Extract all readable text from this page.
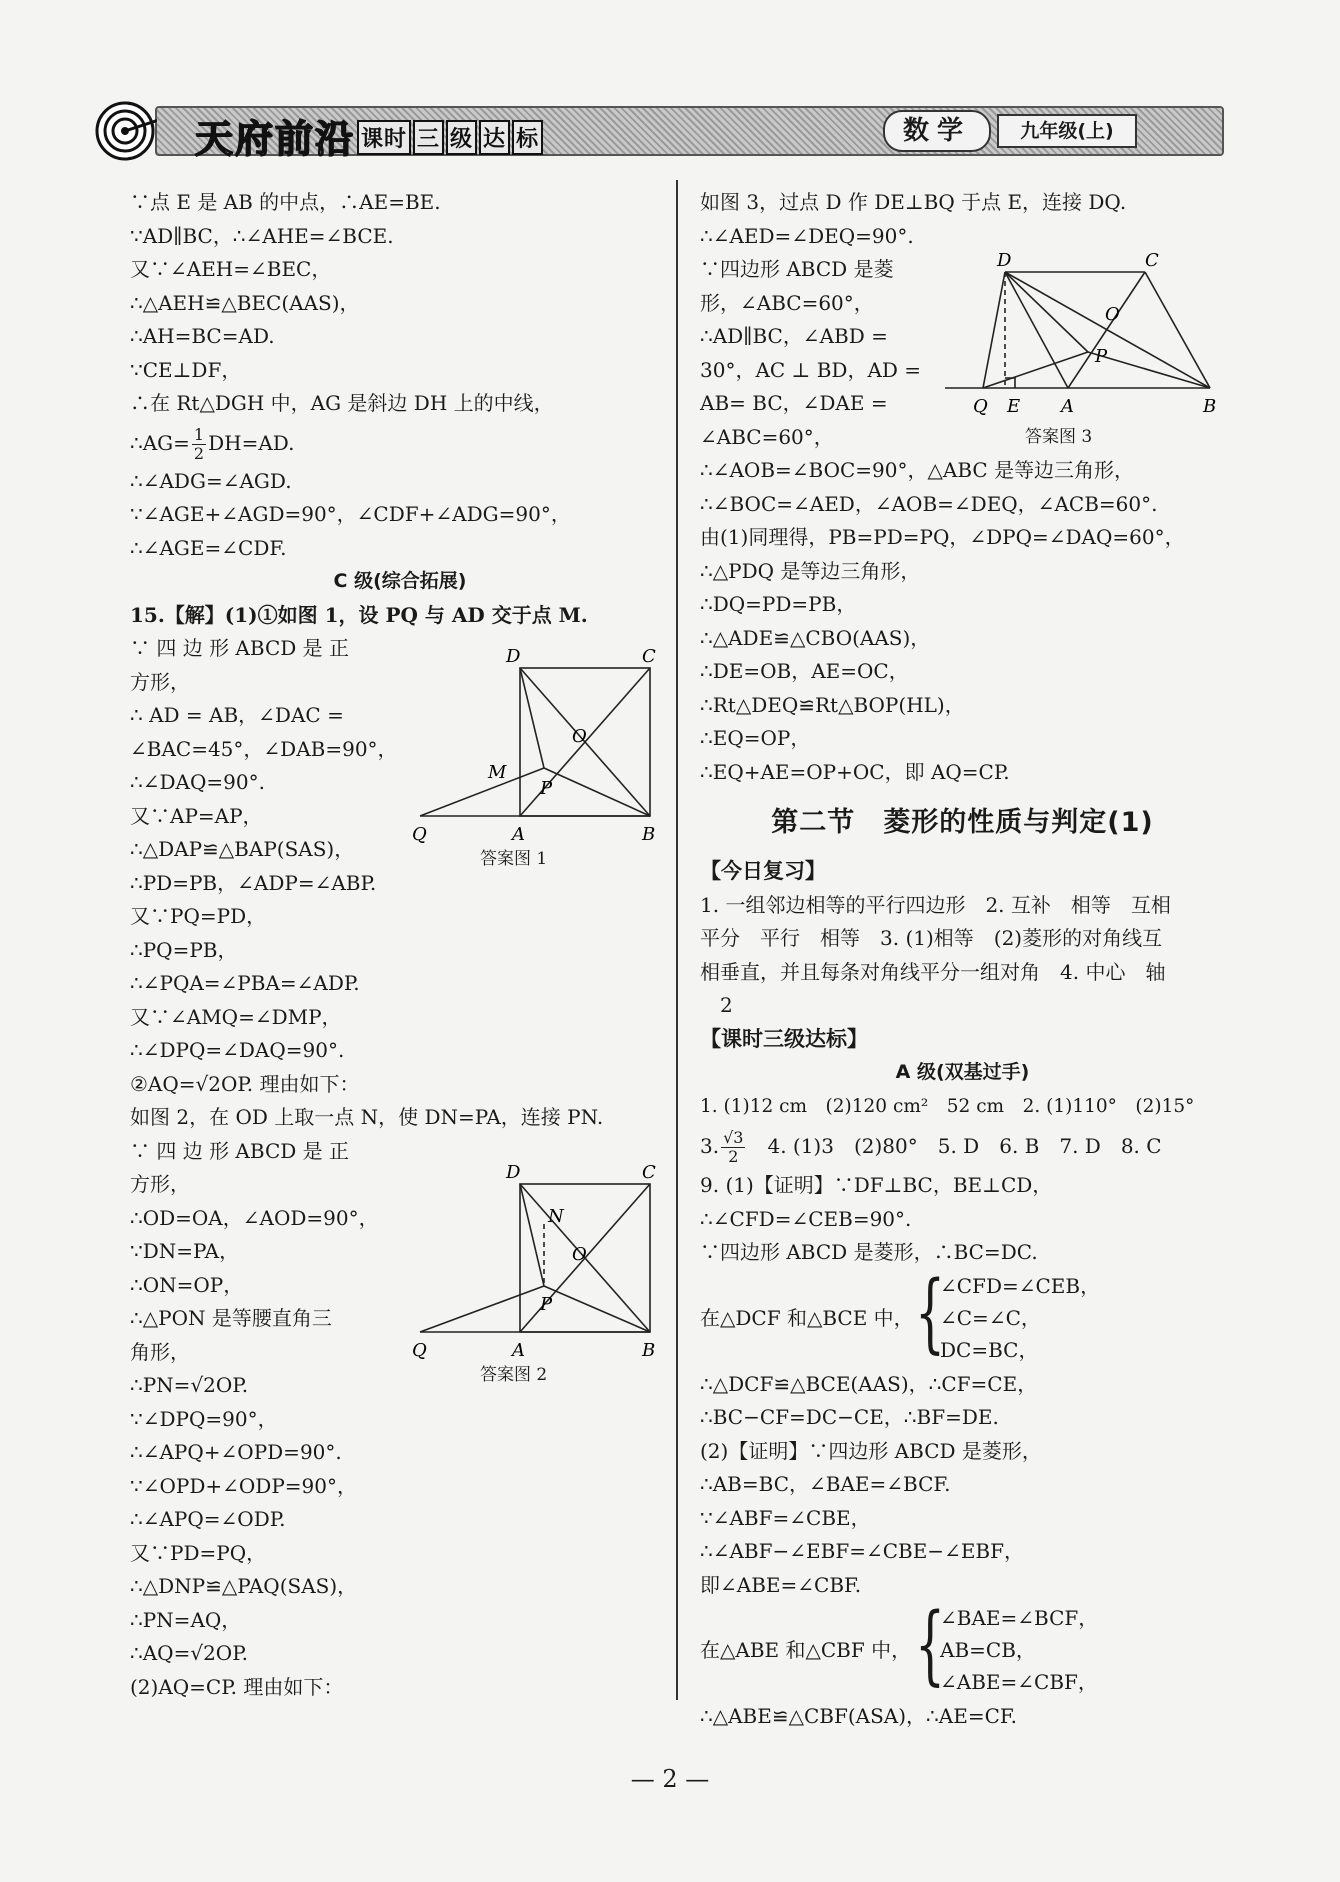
天府前沿 课时 三 级 达 标	数学	九年级(上)
∵点 E 是 AB 的中点，∴AE=BE.
∵AD∥BC，∴∠AHE=∠BCE.
又∵∠AEH=∠BEC，
∴△AEH≌△BEC(AAS)，
∴AH=BC=AD.
∵CE⊥DF，
∴在 Rt△DGH 中，AG 是斜边 DH 上的中线，
∴AG= $\frac{1}{2} DH=AD$.
∴∠ADG=∠AGD.
∵∠AGE+∠AGD=90°，∠CDF+∠ADG=90°，
∴∠AGE=∠CDF.
C 级(综合拓展)
15.【解】(1)①如图 1，设 PQ 与 AD 交于点 M.
∵ 四 边 形 ABCD 是 正
方形，
∴ AD = AB，∠DAC =
∠BAC=45°，∠DAB=90°，
∴∠DAQ=90°.
又∵AP=AP，
∴△DAP≌△BAP(SAS)，
∴PD=PB，∠ADP=∠ABP.
又∵PQ=PD，
∴PQ=PB，
∴∠PQA=∠PBA=∠ADP.
又∵∠AMQ=∠DMP，
∴∠DPQ=∠DAQ=90°.
②AQ=√2OP. 理由如下：
如图 2，在 OD 上取一点 N，使 DN=PA，连接 PN.
∵ 四 边 形 ABCD 是 正
方形，
∴OD=OA，∠AOD=90°，
∵DN=PA，
∴ON=OP，
∴△PON 是等腰直角三
角形，
∴PN=√2OP.
∵∠DPQ=90°，
∴∠APQ+∠OPD=90°.
∵∠OPD+∠ODP=90°，
∴∠APQ=∠ODP.
又∵PD=PQ，
∴△DNP≌△PAQ(SAS)，
∴PN=AQ，
∴AQ=√2OP.
(2)AQ=CP. 理由如下：
D	C
O
M
P
Q	A	B
答案图 1
D	C
N
O
P
Q	A	B
答案图 2
如图 3，过点 D 作 DE⊥BQ 于点 E，连接 DQ.
∴∠AED=∠DEQ=90°.
∵四边形 ABCD 是菱
形，∠ABC=60°，
∴AD∥BC，∠ABD =
30°，AC ⊥ BD，AD =
AB= BC，∠DAE =
∠ABC=60°，
∴∠AOB=∠BOC=90°，△ABC 是等边三角形，
∴∠BOC=∠AED，∠AOB=∠DEQ，∠ACB=60°.
由(1)同理得，PB=PD=PQ，∠DPQ=∠DAQ=60°，
∴△PDQ 是等边三角形，
∴DQ=PD=PB，
∴△ADE≌△CBO(AAS)，
∴DE=OB，AE=OC，
∴Rt△DEQ≌Rt△BOP(HL)，
∴EQ=OP，
∴EQ+AE=OP+OC，即 AQ=CP.
第二节　菱形的性质与判定(1)
【今日复习】
1. 一组邻边相等的平行四边形　2. 互补　相等　互相
平分　平行　相等　3. (1)相等　(2)菱形的对角线互
相垂直，并且每条对角线平分一组对角　4. 中心　轴
　2
【课时三级达标】
A 级(双基过手)
1. (1)12 cm　(2)120 cm²　52 cm　2. (1)110°　(2)15°
3. $\frac{√3}{2}$ 　4. (1)3　(2)80°　5. D　6. B　7. D　8. C
9. (1)【证明】∵DF⊥BC，BE⊥CD，
∴∠CFD=∠CEB=90°.
∵四边形 ABCD 是菱形，∴BC=DC.
在△DCF 和△BCE 中， {
∠CFD=∠CEB，
∠C=∠C，
DC=BC，
∴△DCF≌△BCE(AAS)，∴CF=CE，
∴BC−CF=DC−CE，∴BF=DE.
(2)【证明】∵四边形 ABCD 是菱形，
∴AB=BC，∠BAE=∠BCF.
∵∠ABF=∠CBE，
∴∠ABF−∠EBF=∠CBE−∠EBF，
即∠ABE=∠CBF.
在△ABE 和△CBF 中， {
∠BAE=∠BCF，
AB=CB，
∠ABE=∠CBF，
∴△ABE≌△CBF(ASA)，∴AE=CF.
D	C
O
P
Q E A	B
答案图 3
— 2 —
